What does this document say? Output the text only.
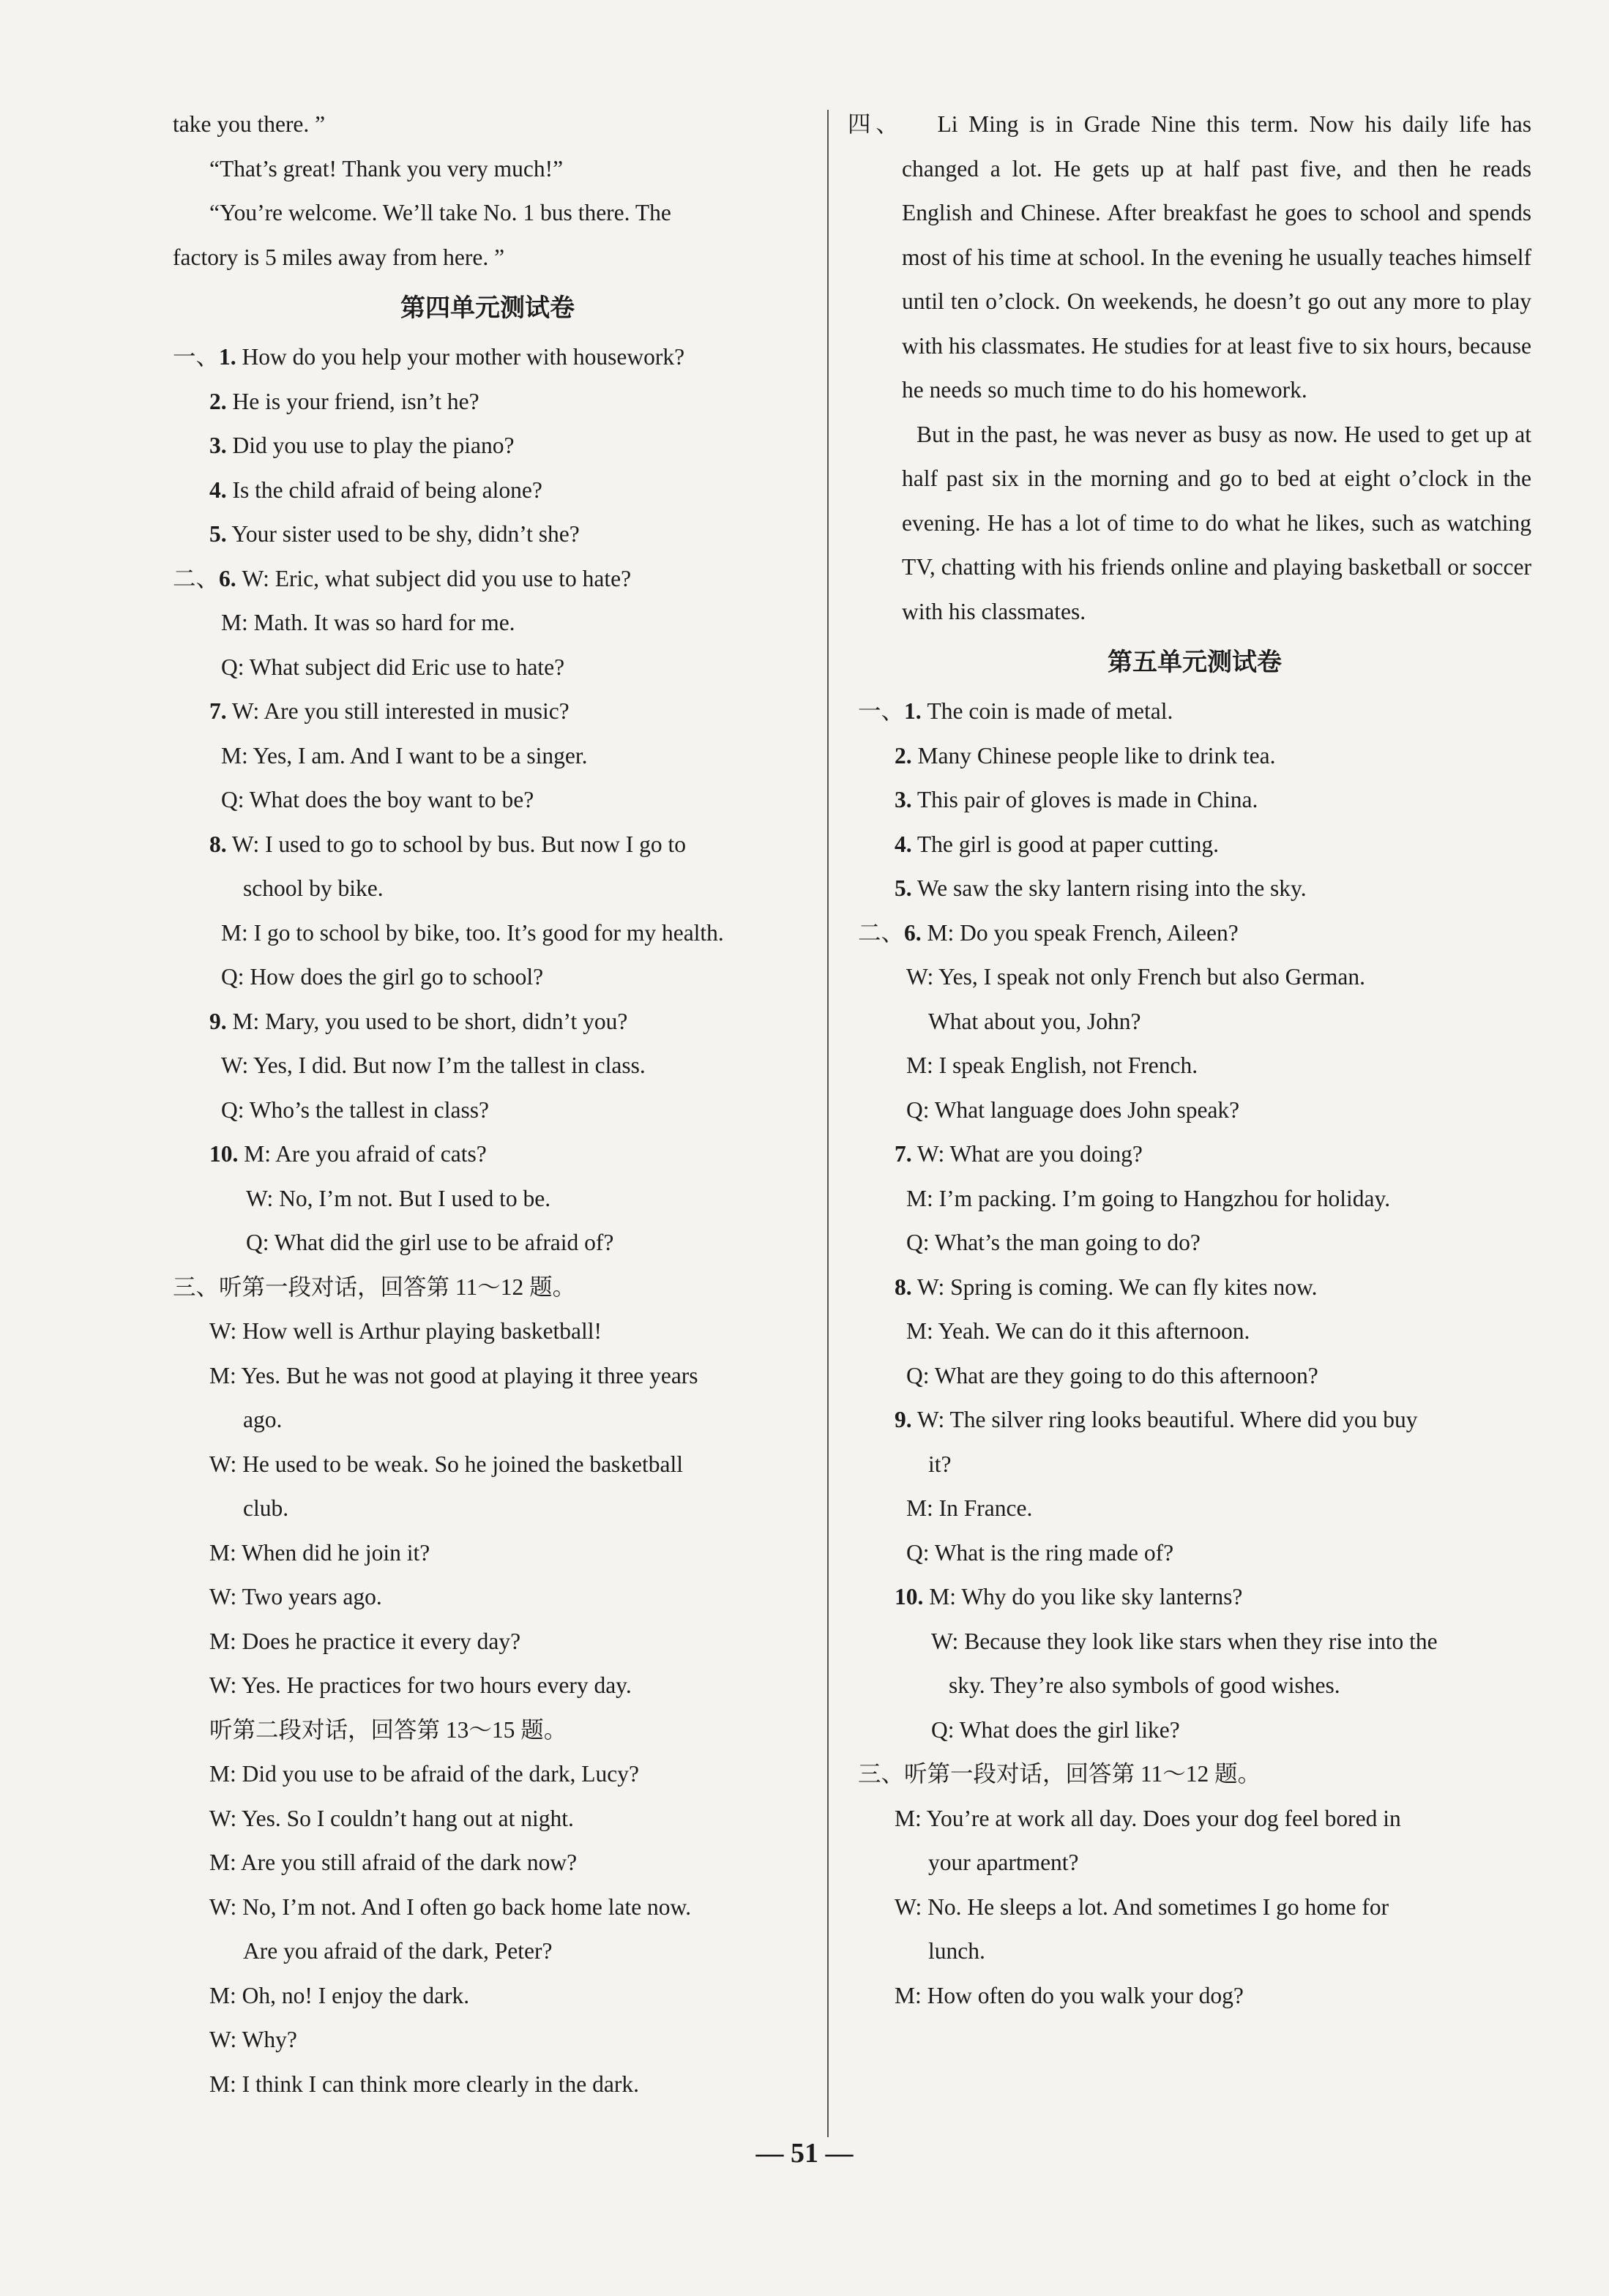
take you there. ”
“That’s great! Thank you very much!”
“You’re welcome. We’ll take No. 1 bus there. The
factory is 5 miles away from here. ”
第四单元测试卷
一、1. How do you help your mother with housework?
2. He is your friend, isn’t he?
3. Did you use to play the piano?
4. Is the child afraid of being alone?
5. Your sister used to be shy, didn’t she?
二、6. W: Eric, what subject did you use to hate?
M: Math. It was so hard for me.
Q: What subject did Eric use to hate?
7. W: Are you still interested in music?
M: Yes, I am. And I want to be a singer.
Q: What does the boy want to be?
8. W: I used to go to school by bus. But now I go to
school by bike.
M: I go to school by bike, too. It’s good for my health.
Q: How does the girl go to school?
9. M: Mary, you used to be short, didn’t you?
W: Yes, I did. But now I’m the tallest in class.
Q: Who’s the tallest in class?
10. M: Are you afraid of cats?
W: No, I’m not. But I used to be.
Q: What did the girl use to be afraid of?
三、听第一段对话，回答第 11～12 题。
W: How well is Arthur playing basketball!
M: Yes. But he was not good at playing it three years
ago.
W: He used to be weak. So he joined the basketball
club.
M: When did he join it?
W: Two years ago.
M: Does he practice it every day?
W: Yes. He practices for two hours every day.
听第二段对话，回答第 13～15 题。
M: Did you use to be afraid of the dark, Lucy?
W: Yes. So I couldn’t hang out at night.
M: Are you still afraid of the dark now?
W: No, I’m not. And I often go back home late now.
Are you afraid of the dark, Peter?
M: Oh, no! I enjoy the dark.
W: Why?
M: I think I can think more clearly in the dark.
四、 Li Ming is in Grade Nine this term. Now his daily life has changed a lot. He gets up at half past five, and then he reads English and Chinese. After breakfast he goes to school and spends most of his time at school. In the evening he usually teaches himself until ten o’clock. On weekends, he doesn’t go out any more to play with his classmates. He studies for at least five to six hours, because he needs so much time to do his homework.
But in the past, he was never as busy as now. He used to get up at half past six in the morning and go to bed at eight o’clock in the evening. He has a lot of time to do what he likes, such as watching TV, chatting with his friends online and playing basketball or soccer with his classmates.
第五单元测试卷
一、1. The coin is made of metal.
2. Many Chinese people like to drink tea.
3. This pair of gloves is made in China.
4. The girl is good at paper cutting.
5. We saw the sky lantern rising into the sky.
二、6. M: Do you speak French, Aileen?
W: Yes, I speak not only French but also German.
What about you, John?
M: I speak English, not French.
Q: What language does John speak?
7. W: What are you doing?
M: I’m packing. I’m going to Hangzhou for holiday.
Q: What’s the man going to do?
8. W: Spring is coming. We can fly kites now.
M: Yeah. We can do it this afternoon.
Q: What are they going to do this afternoon?
9. W: The silver ring looks beautiful. Where did you buy
it?
M: In France.
Q: What is the ring made of?
10. M: Why do you like sky lanterns?
W: Because they look like stars when they rise into the
sky. They’re also symbols of good wishes.
Q: What does the girl like?
三、听第一段对话，回答第 11～12 题。
M: You’re at work all day. Does your dog feel bored in
your apartment?
W: No. He sleeps a lot. And sometimes I go home for
lunch.
M: How often do you walk your dog?
— 51 —
